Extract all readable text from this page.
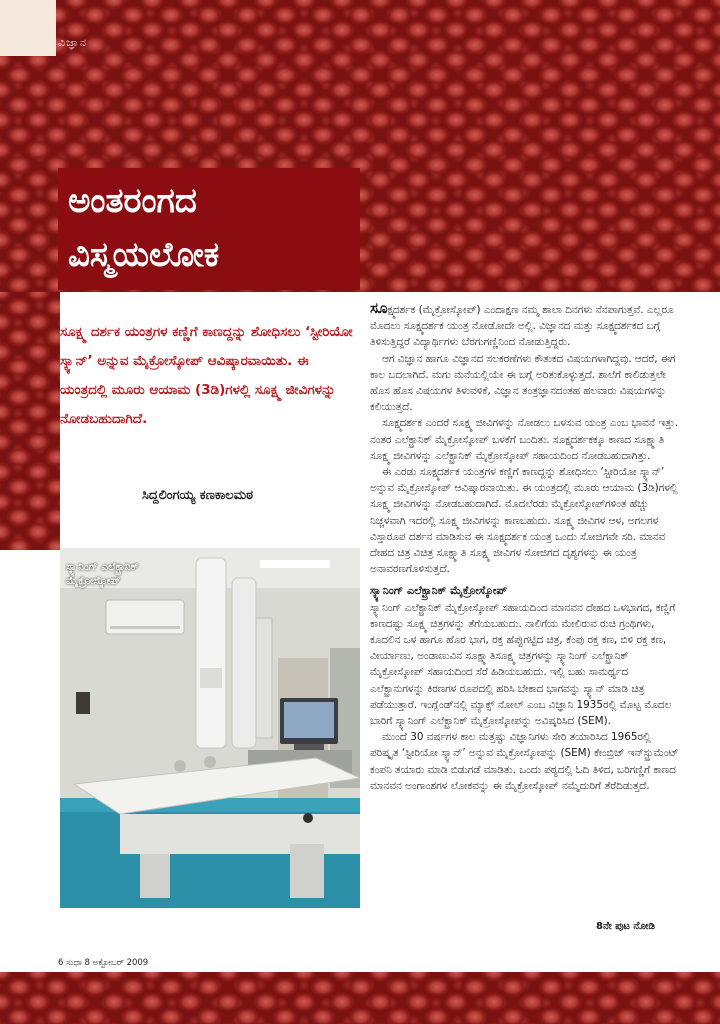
ವಿಜ್ಞಾನ
ಅಂತರಂಗದ
ವಿಸ್ಮಯಲೋಕ
ಸೂಕ್ಷ್ಮ ದರ್ಶಕ ಯಂತ್ರಗಳ ಕಣ್ಣಿಗೆ ಕಾಣದ್ದನ್ನು ಶೋಧಿಸಲು ‘ಸ್ಟೀರಿಯೋ ಸ್ಕ್ಯಾನ್’ ಅನ್ನುವ ಮೈಕ್ರೋಸ್ಕೋಪ್ ಆವಿಷ್ಕಾರವಾಯಿತು. ಈ ಯಂತ್ರದಲ್ಲಿ ಮೂರು ಆಯಾಮ (3ಡಿ)ಗಳಲ್ಲಿ ಸೂಕ್ಷ್ಮ ಜೀವಿಗಳನ್ನು ನೋಡಬಹುದಾಗಿದೆ.
ಸಿದ್ದಲಿಂಗಯ್ಯ ಕಣಕಾಲಮಠ
ಸ್ಕ್ಯಾನಿಂಗ್ ಎಲೆಕ್ಟ್ರಾನಿಕ್
ಮೈಕ್ರೋಸ್ಕೋಪ್

ಸೂಕ್ಷ್ಮದರ್ಶಕ (ಮೈಕ್ರೋಸ್ಕೋಪ್) ಎಂದಾಕ್ಷಣ ನಮ್ಮ ಶಾಲಾ ದಿನಗಳು ನೆನಪಾಗುತ್ತವೆ. ಎಲ್ಲರೂ ಮೊದಲು ಸೂಕ್ಷ್ಮದರ್ಶಕ ಯಂತ್ರ ನೋಡೋದೇ ಅಲ್ಲಿ. ವಿಜ್ಞಾನದ ಮತ್ತು ಸೂಕ್ಷ್ಮದರ್ಶಕದ ಬಗ್ಗೆ ತಿಳಿಸುತ್ತಿದ್ದರೆ ವಿದ್ಯಾರ್ಥಿಗಳು ಬೆರಗುಗಣ್ಣಿನಿಂದ ನೋಡುತ್ತಿದ್ದರು.

ಆಗ ವಿಜ್ಞಾನ ಹಾಗೂ ವಿಜ್ಞಾನದ ಸಲಕರಣೆಗಳು ಕೌತುಕದ ವಿಷಯಗಳಾಗಿದ್ದವು. ಆದರೆ, ಈಗ ಕಾಲ ಬದಲಾಗಿದೆ. ಮಗು ಮನೆಯಲ್ಲಿಯೇ ಈ ಬಗ್ಗೆ ಅರಿತುಕೊಳ್ಳುತ್ತದೆ. ಶಾಲೆಗೆ ಕಾಲಿಡುತ್ತಲೇ ಹೊಸ ಹೊಸ ವಿಷಯಗಳ ತಿಳುವಳಿಕೆ, ವಿಜ್ಞಾನ ತಂತ್ರಜ್ಞಾನದಂತಹ ಹಲವಾರು ವಿಷಯಗಳನ್ನು ಕಲಿಯುತ್ತದೆ.

ಸೂಕ್ಷ್ಮದರ್ಶಕ ಎಂದರೆ ಸೂಕ್ಷ್ಮ ಜೀವಿಗಳನ್ನು ನೋಡಲು ಬಳಸುವ ಯಂತ್ರ ಎಂಬ ಭಾವನೆ ಇತ್ತು. ನಂತರ ಎಲೆಕ್ಟ್ರಾನಿಕ್ ಮೈಕ್ರೋಸ್ಕೋಪ್ ಬಳಕೆಗೆ ಬಂದಿತು. ಸೂಕ್ಷ್ಮದರ್ಶಕಕ್ಕೂ ಕಾಣದ ಸೂಕ್ಷ್ಮಾತಿ ಸೂಕ್ಷ್ಮ ಜೀವಿಗಳನ್ನು ಎಲೆಕ್ಟ್ರಾನಿಕ್ ಮೈಕ್ರೋಸ್ಕೋಪ್ ಸಹಾಯದಿಂದ ನೋಡಬಹುದಾಗಿತ್ತು.

ಈ ಎರಡು ಸೂಕ್ಷ್ಮದರ್ಶಕ ಯಂತ್ರಗಳ ಕಣ್ಣಿಗೆ ಕಾಣದ್ದನ್ನು ಶೋಧಿಸಲು ‘ಸ್ಟೀರಿಯೋ ಸ್ಕ್ಯಾನ್’ ಅನ್ನುವ ಮೈಕ್ರೋಸ್ಕೋಪ್ ಆವಿಷ್ಕಾರವಾಯಿತು. ಈ ಯಂತ್ರದಲ್ಲಿ ಮೂರು ಆಯಾಮ (3ಡಿ)ಗಳಲ್ಲಿ ಸೂಕ್ಷ್ಮ ಜೀವಿಗಳನ್ನು ನೋಡಬಹುದಾಗಿದೆ. ಮೊದಲೆರಡು ಮೈಕ್ರೋಸ್ಕೋಪ್‌ಗಳಿಂತ ಹೆಚ್ಚು ನಿಚ್ಚಳವಾಗಿ ಇದರಲ್ಲಿ ಸೂಕ್ಷ್ಮ ಜೀವಿಗಳನ್ನು ಕಾಣಬಹುದು. ಸೂಕ್ಷ್ಮ ಜೀವಿಗಳ ಆಳ, ಅಗಲಗಳ ವಿಸ್ತಾರೂಪ ದರ್ಶನ ಮಾಡಿಸುವ ಈ ಸೂಕ್ಷ್ಮದರ್ಶಕ ಯಂತ್ರ ಒಂದು ಸೋಜಿಗವೇ ಸರಿ. ಮಾನವ ದೇಹದ ಚಿತ್ರ ವಿಚಿತ್ರ ಸೂಕ್ಷ್ಮಾತಿ ಸೂಕ್ಷ್ಮ ಜೀವಿಗಳ ಸೋಜಿಗದ ದೃಶ್ಯಗಳನ್ನು ಈ ಯಂತ್ರ ಅನಾವರಣಗೊಳಿಸುತ್ತದೆ.

ಸ್ಕ್ಯಾನಿಂಗ್ ಎಲೆಕ್ಟ್ರಾನಿಕ್ ಮೈಕ್ರೋಸ್ಕೋಪ್

ಸ್ಕ್ಯಾನಿಂಗ್ ಎಲೆಕ್ಟ್ರಾನಿಕ್ ಮೈಕ್ರೋಸ್ಕೋಪ್ ಸಹಾಯದಿಂದ ಮಾನವನ ದೇಹದ ಒಳಭಾಗದ, ಕಣ್ಣಿಗೆ ಕಾಣದಷ್ಟು ಸೂಕ್ಷ್ಮ ಚಿತ್ರಗಳನ್ನು ತೆಗೆಯಬಹುದು. ನಾಲಿಗೆಯ ಮೇಲಿರುವ ರುಚಿ ಗ್ರಂಥಿಗಳು, ಕೂದಲಿನ ಒಳ ಹಾಗೂ ಹೊರ ಭಾಗ, ರಕ್ತ ಹೆಪ್ಪುಗಟ್ಟಿದ ಚಿತ್ರ, ಕೆಂಪು ರಕ್ತ ಕಣ, ಬಿಳಿ ರಕ್ತ ಕಣ, ವೀರ್ಯಾಣು, ಅಂಡಾಣುವಿನ ಸೂಕ್ಷ್ಮಾತಿಸೂಕ್ಷ್ಮ ಚಿತ್ರಗಳನ್ನು ಸ್ಕ್ಯಾನಿಂಗ್ ಎಲೆಕ್ಟ್ರಾನಿಕ್ ಮೈಕ್ರೋಸ್ಕೋಪ್ ಸಹಾಯದಿಂದ ಸೆರೆ ಹಿಡಿಯಬಹುದು. ಇಲ್ಲಿ ಬಹು ಸಾಮರ್ಥ್ಯದ ಎಲೆಕ್ಟ್ರಾನುಗಳನ್ನು ಕಿರಣಗಳ ರೂಪದಲ್ಲಿ ಹರಿಸಿ ಬೇಕಾದ ಭಾಗವನ್ನು ಸ್ಕ್ಯಾನ್ ಮಾಡಿ ಚಿತ್ರ ಪಡೆಯುತ್ತಾರೆ. ಇಂಗ್ಲೆಂಡ್‌ನಲ್ಲಿ ಮ್ಯಾಕ್ಸ್ ನೋಲ್ ಎಂಬ ವಿಜ್ಞಾನಿ 1935ರಲ್ಲಿ ಮೊಟ್ಟ ಮೊದಲ ಬಾರಿಗೆ ಸ್ಕ್ಯಾನಿಂಗ್ ಎಲೆಕ್ಟ್ರಾನಿಕ್ ಮೈಕ್ರೋಸ್ಕೋಪನ್ನು ಅವಿಷ್ಕರಿಸಿದ (SEM).

ಮುಂದೆ 30 ವರ್ಷಗಳ ಕಾಲ ಮತ್ತಷ್ಟು ವಿಜ್ಞಾನಿಗಳು ಸೇರಿ ತಯಾರಿಸಿದ 1965ರಲ್ಲಿ ಪರಿಷ್ಕೃತ ‘ಸ್ಟೀರಿಯೋ ಸ್ಕ್ಯಾನ್’ ಅನ್ನುವ ಮೈಕ್ರೋಸ್ಕೋಪನ್ನು (SEM) ಕೇಂಬ್ರಿಜ್ ಇನ್‌ಸ್ಟ್ರುಮೆಂಟ್ ಕಂಪನಿ ತಯಾರು ಮಾಡಿ ಬಿಡುಗಡೆ ಮಾಡಿತು. ಒಂದು ಪಠ್ಯದಲ್ಲಿ ಓದಿ ತಿಳಿದ, ಬರಿಗಣ್ಣಿಗೆ ಕಾಣದ ಮಾನವನ ಅಂಗಾಂಶಗಳ ಲೋಕವನ್ನು ಈ ಮೈಕ್ರೋಸ್ಕೋಪ್ ನಮ್ಮೆದುರಿಗೆ ತೆರೆದಿಡುತ್ತದೆ.

8ನೇ ಪುಟ ನೋಡಿ
6 ಸುಧಾ 8 ಅಕ್ಟೋಬರ್ 2009
